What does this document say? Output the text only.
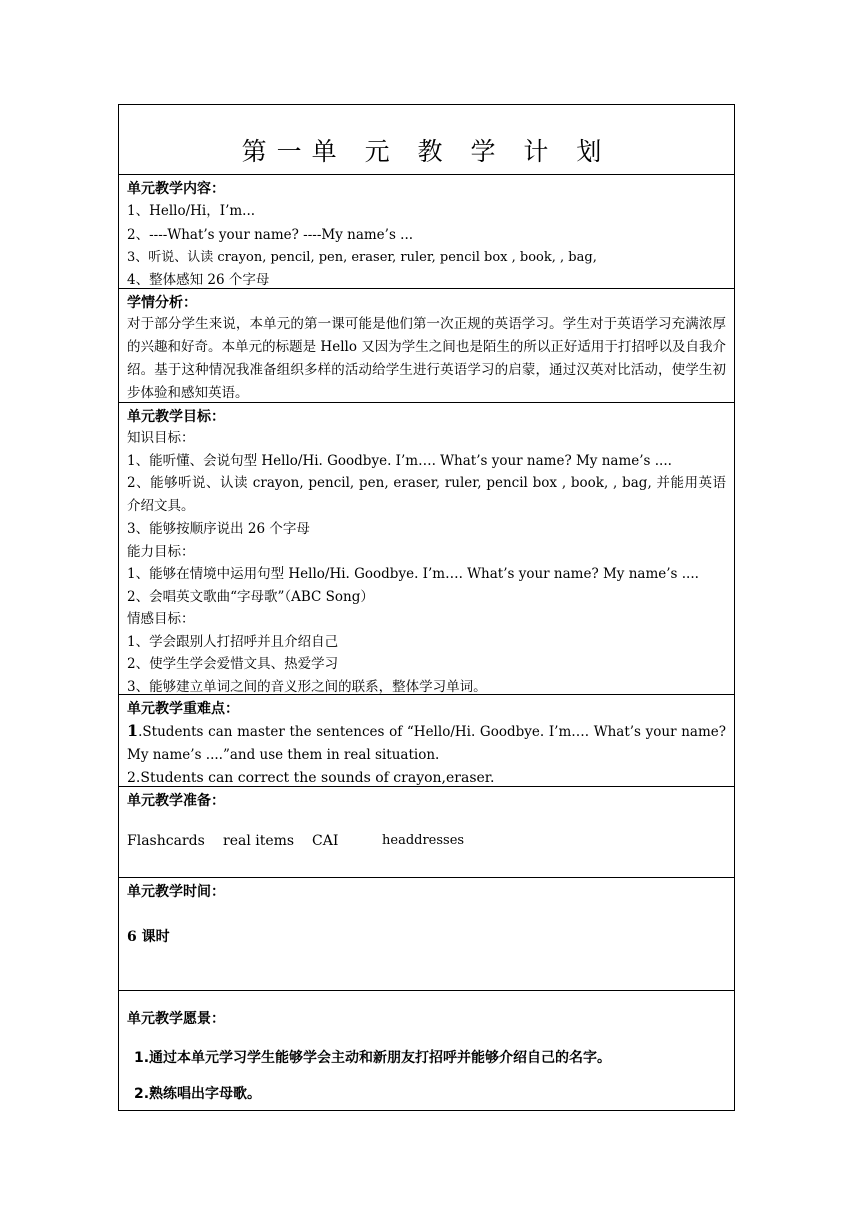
第一单 元 教 学 计 划
单元教学内容：
1、Hello/Hi，I’m...
2、----What’s your name? ----My name’s ...
3、听说、认读 crayon, pencil, pen, eraser, ruler, pencil box , book, , bag,
4、整体感知 26 个字母
学情分析：
对于部分学生来说，本单元的第一课可能是他们第一次正规的英语学习。学生对于英语学习充满浓厚的兴趣和好奇。本单元的标题是 Hello 又因为学生之间也是陌生的所以正好适用于打招呼以及自我介绍。基于这种情况我准备组织多样的活动给学生进行英语学习的启蒙，通过汉英对比活动，使学生初步体验和感知英语。
单元教学目标：
知识目标：
1、能听懂、会说句型 Hello/Hi. Goodbye. I’m…. What’s your name? My name’s ....
2、能够听说、认读 crayon, pencil, pen, eraser, ruler, pencil box , book, , bag, 并能用英语介绍文具。
3、能够按顺序说出 26 个字母
能力目标：
1、能够在情境中运用句型 Hello/Hi. Goodbye. I’m…. What’s your name? My name’s ....
2、会唱英文歌曲“字母歌”（ABC Song）
情感目标：
1、学会跟别人打招呼并且介绍自己
2、使学生学会爱惜文具、热爱学习
3、能够建立单词之间的音义形之间的联系，整体学习单词。
单元教学重难点：
1.Students can master the sentences of “Hello/Hi. Goodbye. I’m…. What’s your name? My name’s ....”and use them in real situation.
2.Students can correct the sounds of crayon,eraser.
单元教学准备：
Flashcards	real items	CAI	headdresses
单元教学时间：
6 课时
单元教学愿景：
1.通过本单元学习学生能够学会主动和新朋友打招呼并能够介绍自己的名字。
2.熟练唱出字母歌。
